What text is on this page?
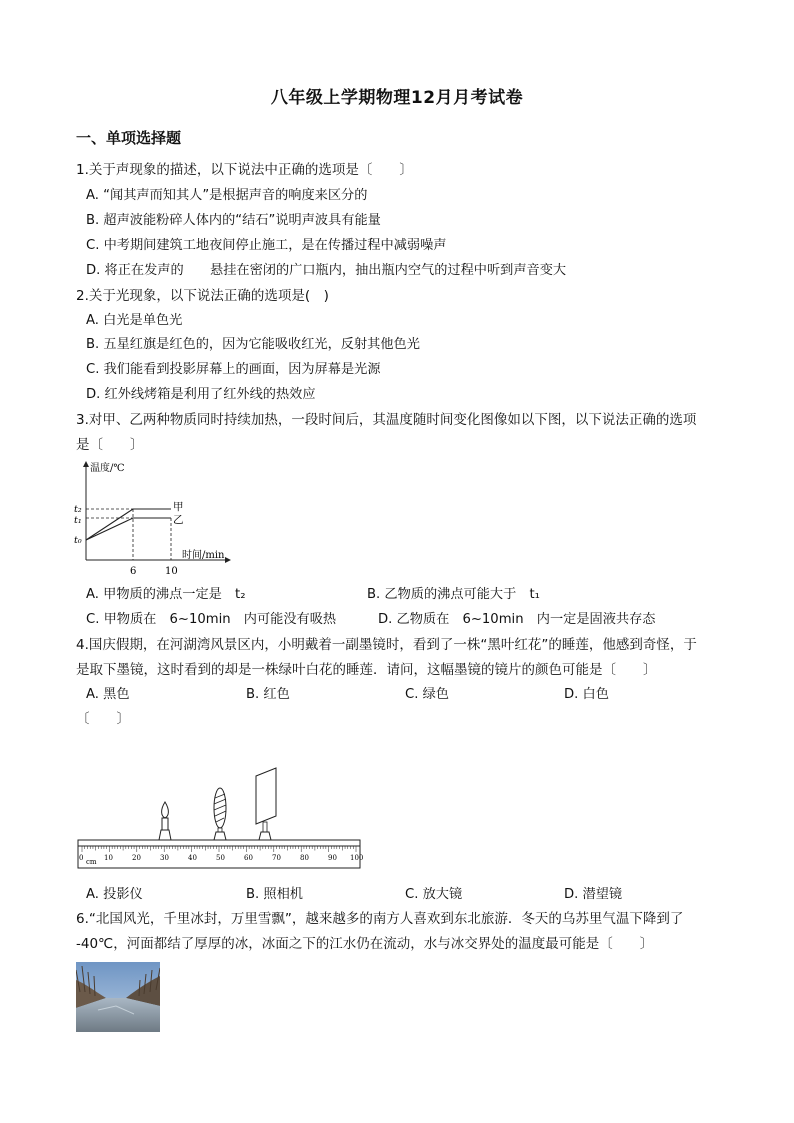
八年级上学期物理12月月考试卷
一、单项选择题
1.关于声现象的描述，以下说法中正确的选项是〔　　〕
A. “闻其声而知其人”是根据声音的响度来区分的
B. 超声波能粉碎人体内的“结石”说明声波具有能量
C. 中考期间建筑工地夜间停止施工，是在传播过程中减弱噪声
D. 将正在发声的　　悬挂在密闭的广口瓶内，抽出瓶内空气的过程中听到声音变大
2.关于光现象，以下说法正确的选项是(　)
A. 白光是单色光
B. 五星红旗是红色的，因为它能吸收红光，反射其他色光
C. 我们能看到投影屏幕上的画面，因为屏幕是光源
D. 红外线烤箱是利用了红外线的热效应
3.对甲、乙两种物质同时持续加热，一段时间后，其温度随时间变化图像如以下图，以下说法正确的选项
是〔　　〕
温度/℃
时间/min
甲
乙
t₂
t₁
t₀
6	10
A. 甲物质的沸点一定是　t₂	B. 乙物质的沸点可能大于　t₁
C. 甲物质在　6~10min　内可能没有吸热	D. 乙物质在　6~10min　内一定是固液共存态
4.国庆假期，在河湖湾风景区内，小明戴着一副墨镜时，看到了一株“黑叶红花”的睡莲，他感到奇怪，于
是取下墨镜，这时看到的却是一株绿叶白花的睡莲．请问，这幅墨镜的镜片的颜色可能是〔　　〕
A. 黑色	B. 红色	C. 绿色	D. 白色
〔　　〕
cm
0	10	20	30	40	50	60	70	80	90 100
A. 投影仪	B. 照相机	C. 放大镜	D. 潜望镜
6.“北国风光，千里冰封，万里雪飘”，越来越多的南方人喜欢到东北旅游．冬天的乌苏里气温下降到了
-40℃，河面都结了厚厚的冰，冰面之下的江水仍在流动，水与冰交界处的温度最可能是〔　　〕
